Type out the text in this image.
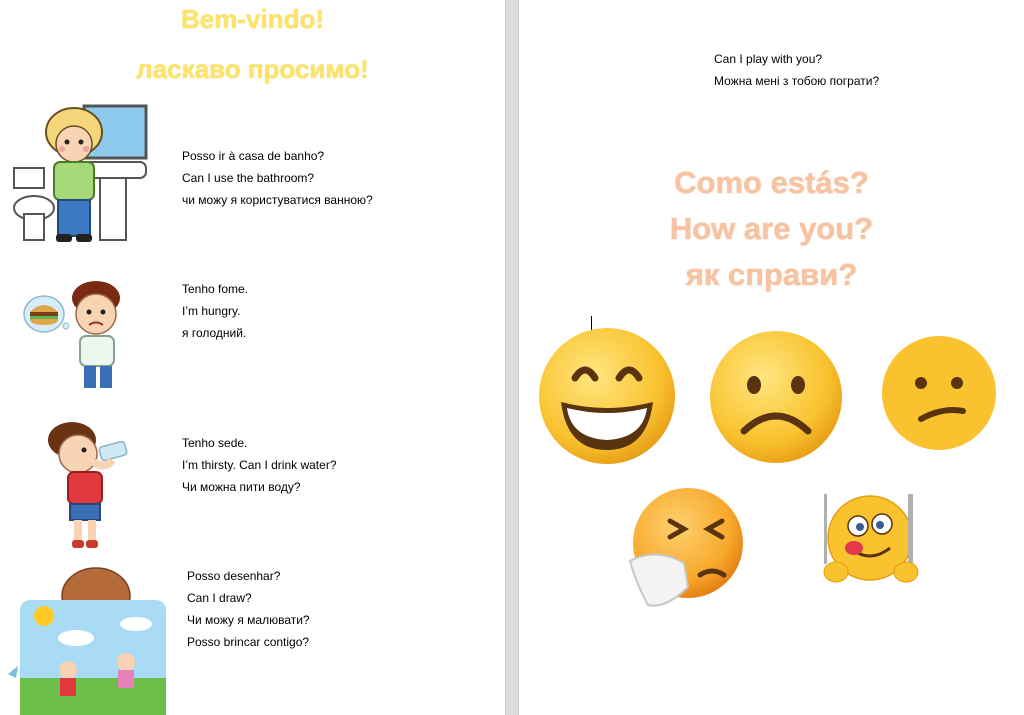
Bem-vindo!
ласкаво просимо!
Posso ir à casa de banho?
Can I use the bathroom?
чи можу я користуватися ванною?
Tenho fome.
I’m hungry.
я голодний.
Tenho sede.
I’m thirsty. Can I drink water?
Чи можна пити воду?
Posso desenhar?
Can I draw?
Чи можу я малювати?
Posso brincar contigo?
Can I play with you?
Можна мені з тобою пограти?
Como estás?
How are you?
як справи?
